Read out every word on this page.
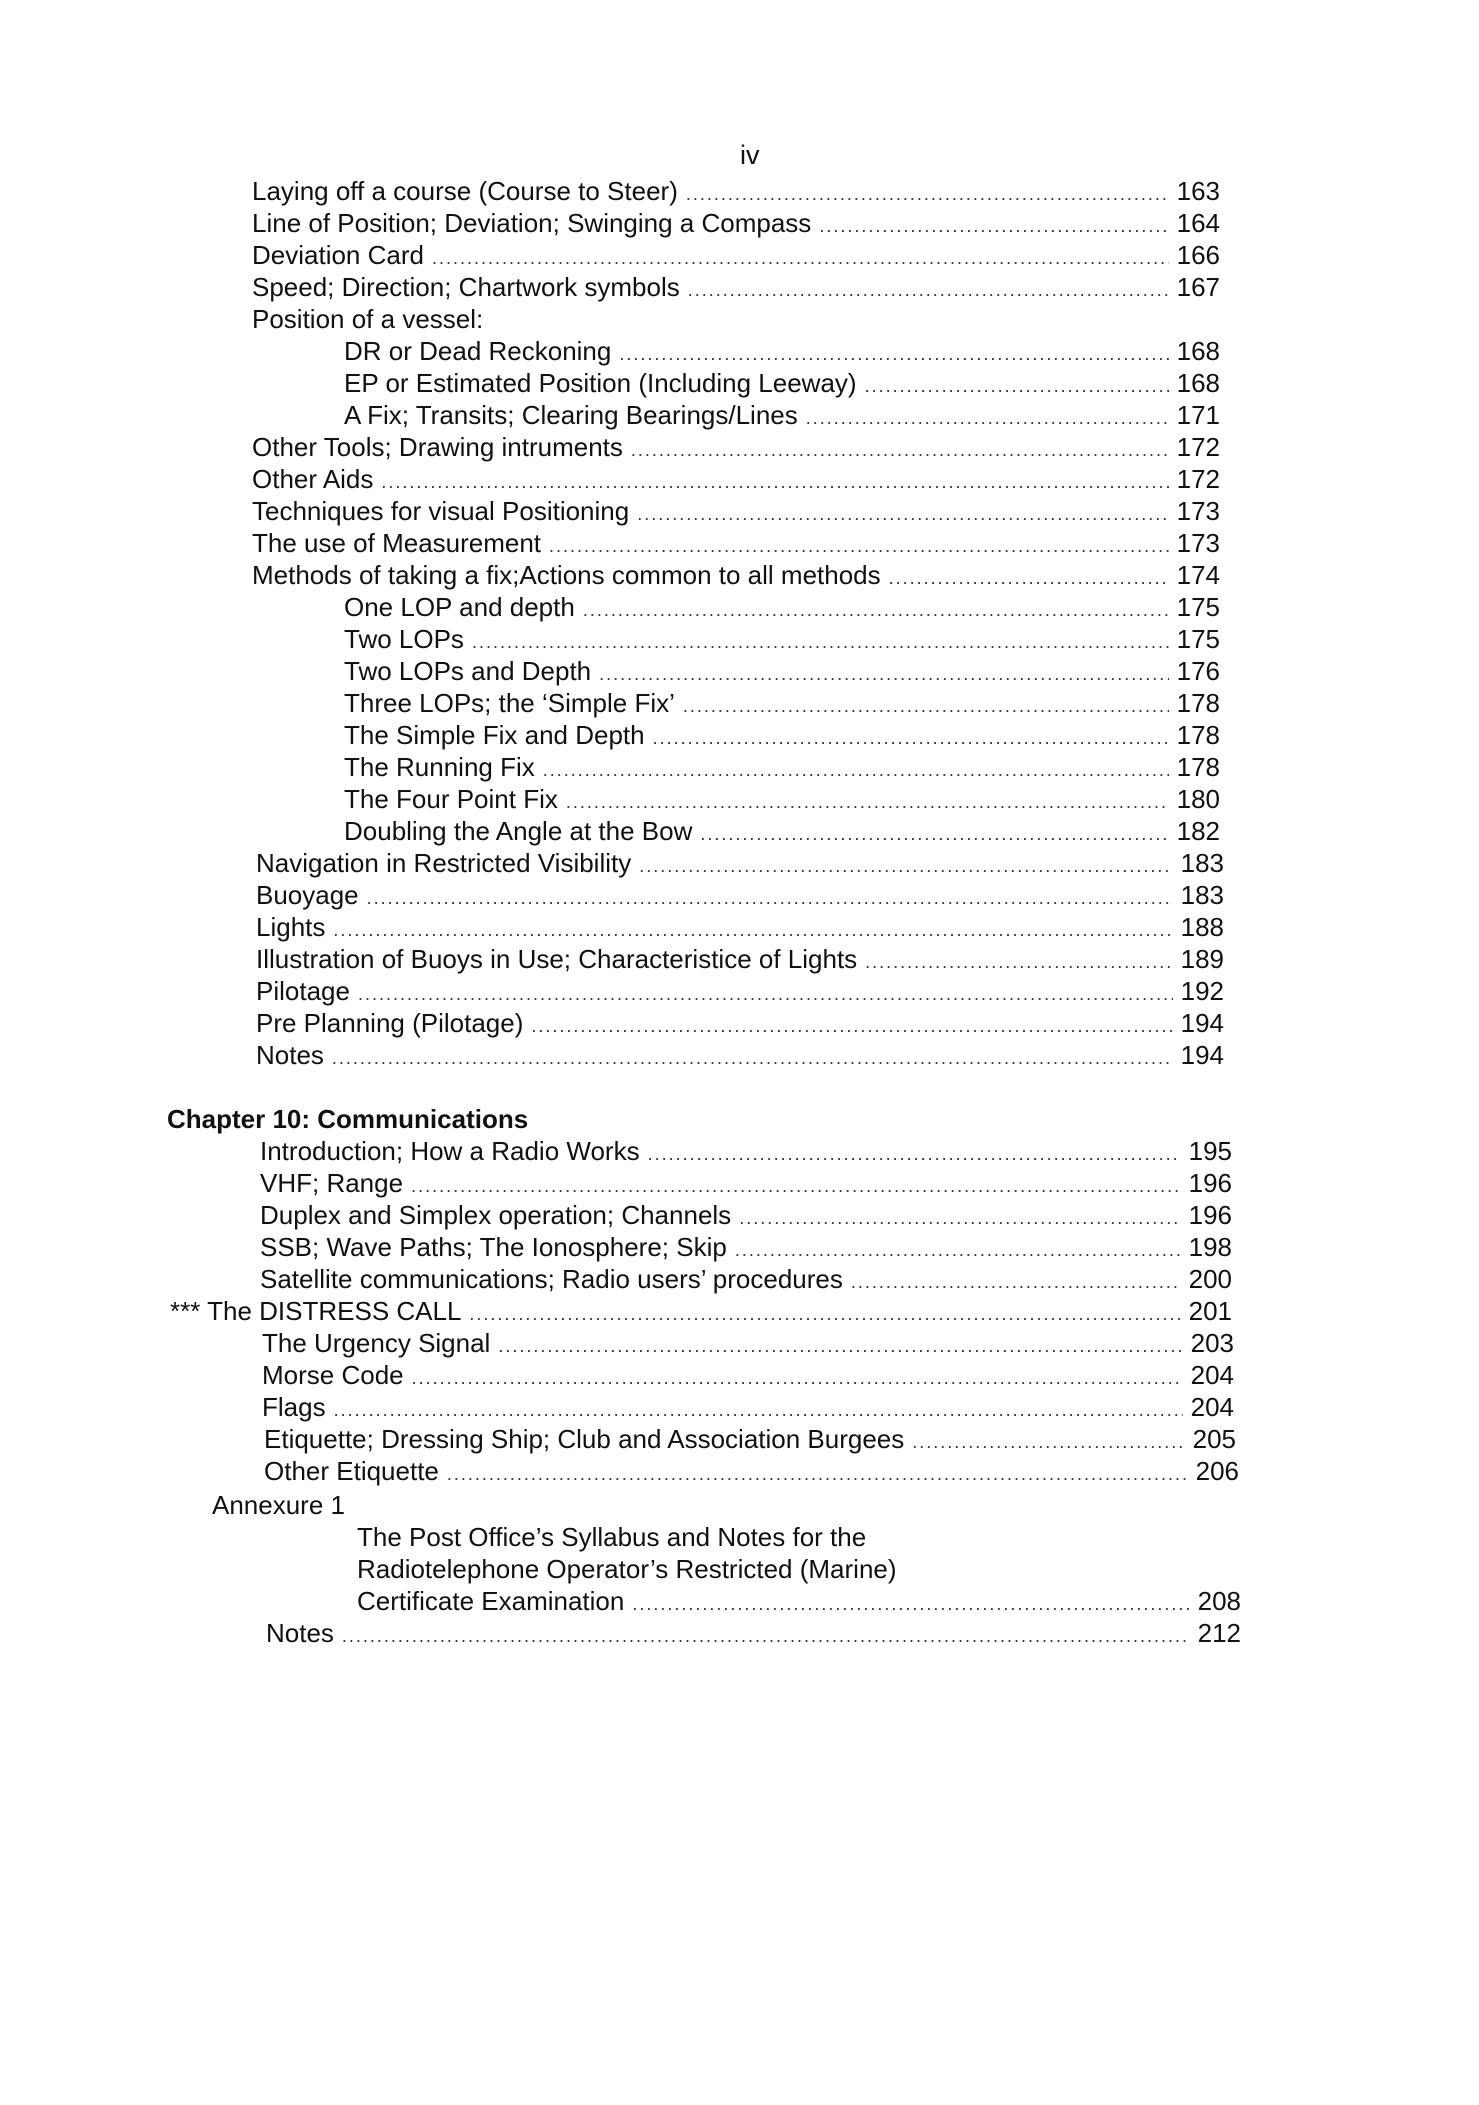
iv
Laying off a course (Course to Steer) .....	163
Line of Position; Deviation; Swinging a Compass .....	164
Deviation Card .....	166
Speed; Direction; Chartwork symbols .....	167
Position of a vessel:
DR or Dead Reckoning .....	168
EP or Estimated Position (Including Leeway) .....	168
A Fix; Transits; Clearing Bearings/Lines .....	171
Other Tools; Drawing intruments .....	172
Other Aids .....	172
Techniques for visual Positioning .....	173
The use of Measurement .....	173
Methods of taking a fix;Actions common to all methods .....	174
One LOP and depth .....	175
Two LOPs .....	175
Two LOPs and Depth .....	176
Three LOPs; the ‘Simple Fix’ .....	178
The Simple Fix and Depth .....	178
The Running Fix .....	178
The Four Point Fix .....	180
Doubling the Angle at the Bow .....	182
Navigation in Restricted Visibility .....	183
Buoyage .....	183
Lights .....	188
Illustration of Buoys in Use; Characteristice of Lights .....	189
Pilotage .....	192
Pre Planning (Pilotage) .....	194
Notes .....	194
Chapter 10: Communications
Introduction; How a Radio Works .....	195
VHF; Range .....	196
Duplex and Simplex operation; Channels .....	196
SSB; Wave Paths; The Ionosphere; Skip .....	198
Satellite communications; Radio users’ procedures .....	200
*** The DISTRESS CALL .....	201
The Urgency Signal .....	203
Morse Code .....	204
Flags .....	204
Etiquette; Dressing Ship; Club and Association Burgees .....	205
Other Etiquette .....	206
Annexure 1
The Post Office’s Syllabus and Notes for the
Radiotelephone Operator’s Restricted (Marine)
Certificate Examination .....	208
Notes .....	212
